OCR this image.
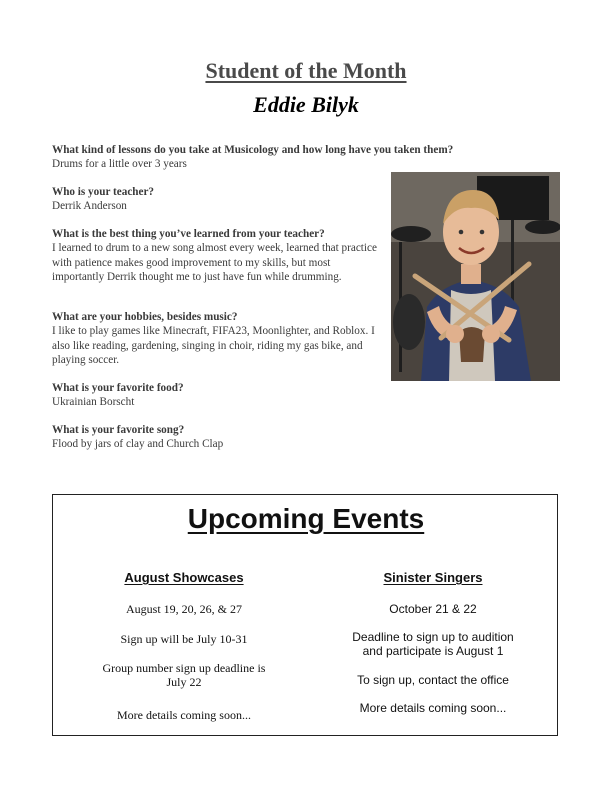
Student of the Month
Eddie Bilyk
What kind of lessons do you take at Musicology and how long have you taken them?
Drums for a little over 3 years
Who is your teacher?
Derrik Anderson
What is the best thing you’ve learned from your teacher?
I learned to drum to a new song almost every week, learned that practice with patience makes good improvement to my skills, but most importantly Derrik thought me to just have fun while drumming.
What are your hobbies, besides music?
I like to play games like Minecraft, FIFA23, Moonlighter, and Roblox. I also like reading, gardening, singing in choir, riding my gas bike, and playing soccer.
What is your favorite food?
Ukrainian Borscht
What is your favorite song?
Flood by jars of clay and Church Clap
Upcoming Events

August Showcases

August 19, 20, 26, & 27

Sign up will be July 10-31

Group number sign up deadline is July 22

More details coming soon...

Sinister Singers

October 21 & 22

Deadline to sign up to audition and participate is August 1

To sign up, contact the office

More details coming soon...
